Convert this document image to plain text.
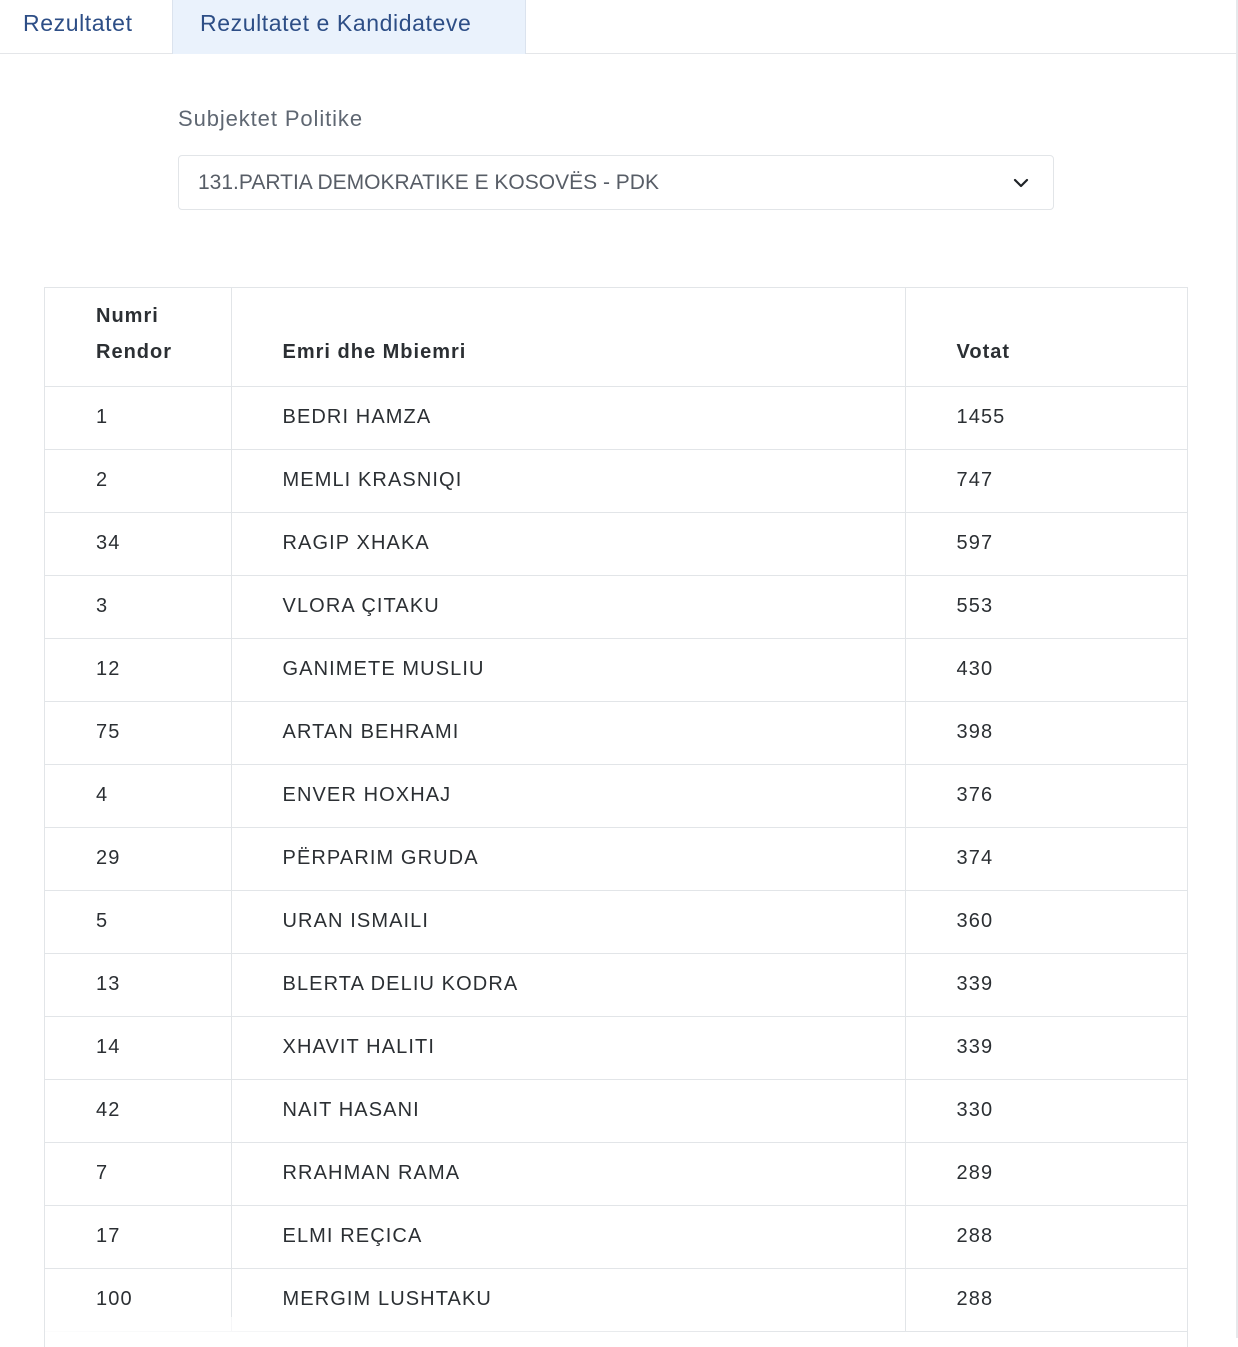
Rezultatet	Rezultatet e Kandidateve
Subjektet Politike
131.PARTIA DEMOKRATIKE E KOSOVËS - PDK
Numri
Rendor	Emri dhe Mbiemri	Votat
1	BEDRI HAMZA	1455
2	MEMLI KRASNIQI	747
34	RAGIP XHAKA	597
3	VLORA ÇITAKU	553
12	GANIMETE MUSLIU	430
75	ARTAN BEHRAMI	398
4	ENVER HOXHAJ	376
29	PËRPARIM GRUDA	374
5	URAN ISMAILI	360
13	BLERTA DELIU KODRA	339
14	XHAVIT HALITI	339
42	NAIT HASANI	330
7	RRAHMAN RAMA	289
17	ELMI REÇICA	288
100	MERGIM LUSHTAKU	288
